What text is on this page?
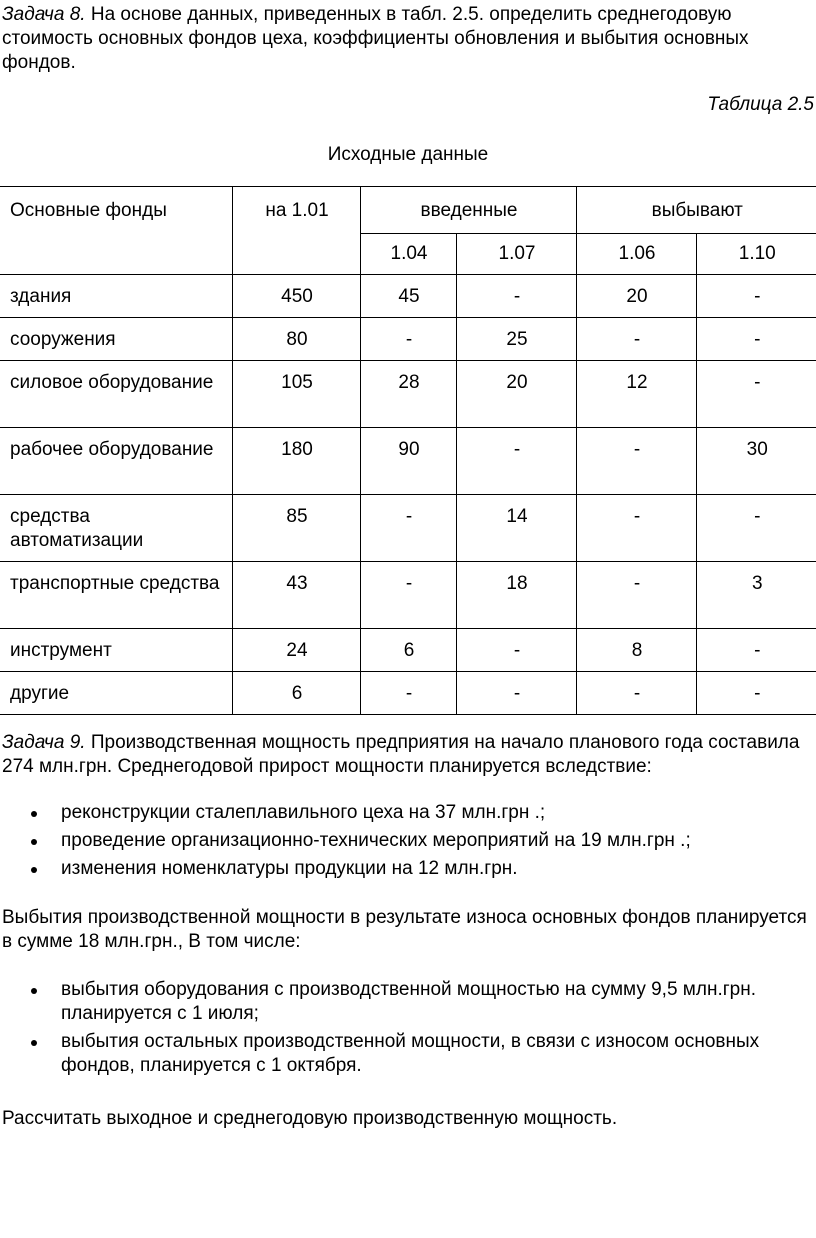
Задача 8. На основе данных, приведенных в табл. 2.5. определить среднегодовую стоимость основных фондов цеха, коэффициенты обновления и выбытия основных фондов.

Таблица 2.5
Исходные данные
Основные фонды	на 1.01	введенные		выбывают	
		1.04	1.07	1.06	1.10
здания	450	45	-	20	-
сооружения	80	-	25	-	-
силовое оборудование	105	28	20	12	-
рабочее оборудование	180	90	-	-	30
средства автоматизации	85	-	14	-	-
транспортные средства	43	-	18	-	3
инструмент	24	6	-	8	-
другие	6	-	-	-	-

Задача 9. Производственная мощность предприятия на начало планового года составила 274 млн.грн. Среднегодовой прирост мощности планируется вследствие:

реконструкции сталеплавильного цеха на 37 млн.грн .;
проведение организационно-технических мероприятий на 19 млн.грн .;
изменения номенклатуры продукции на 12 млн.грн.

Выбытия производственной мощности в результате износа основных фондов планируется в сумме 18 млн.грн., В том числе:

выбытия оборудования с производственной мощностью на сумму 9,5 млн.грн. планируется с 1 июля;
выбытия остальных производственной мощности, в связи с износом основных фондов, планируется с 1 октября.

Рассчитать выходное и среднегодовую производственную мощность.
